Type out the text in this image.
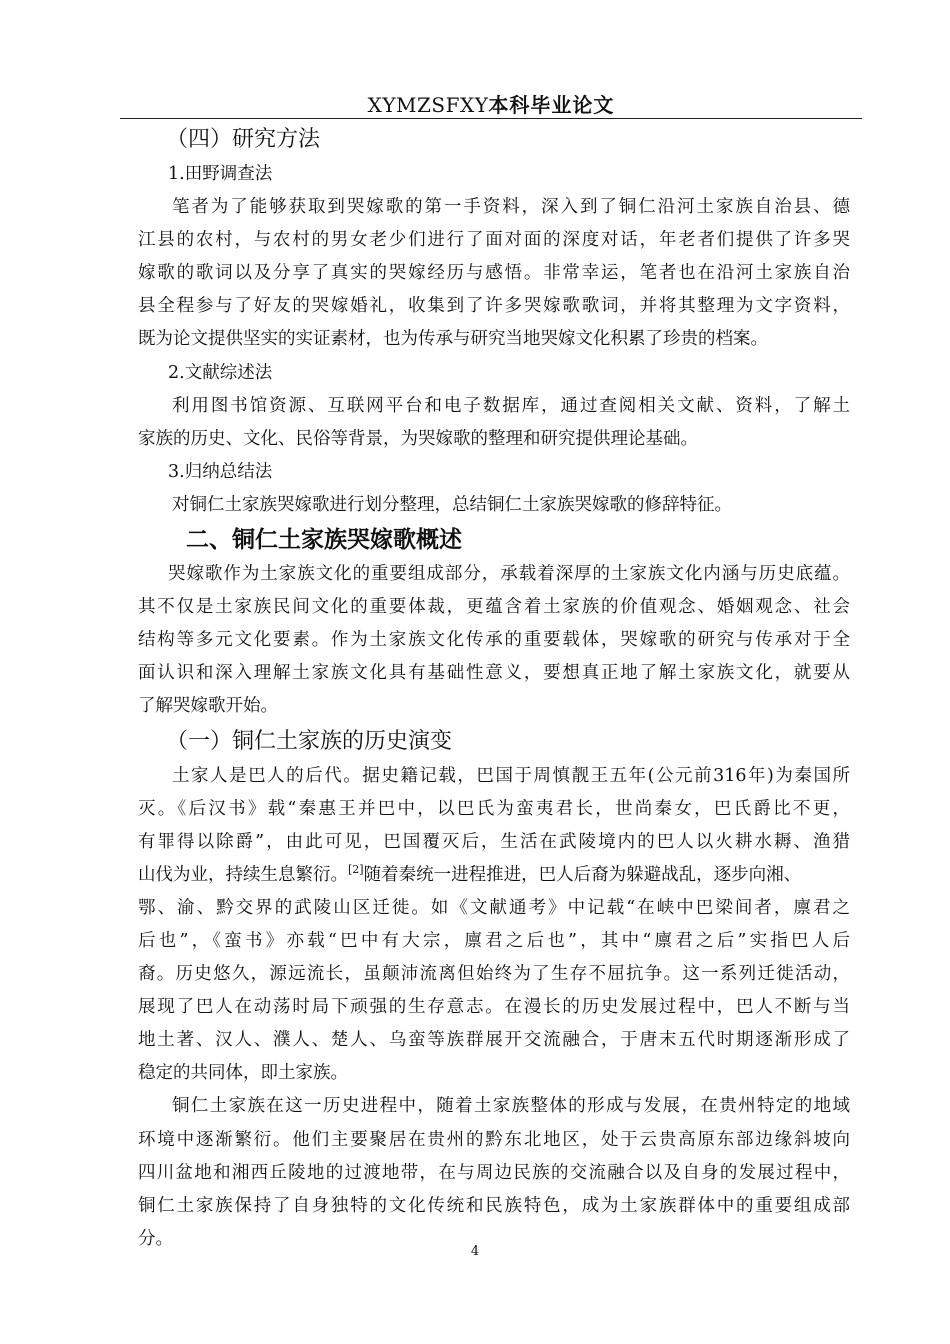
XYMZSFXY本科毕业论文
（四）研究方法
1.田野调查法
笔者为了能够获取到哭嫁歌的第一手资料，深入到了铜仁沿河土家族自治县、德
江县的农村，与农村的男女老少们进行了面对面的深度对话，年老者们提供了许多哭
嫁歌的歌词以及分享了真实的哭嫁经历与感悟。非常幸运，笔者也在沿河土家族自治
县全程参与了好友的哭嫁婚礼，收集到了许多哭嫁歌歌词，并将其整理为文字资料，
既为论文提供坚实的实证素材，也为传承与研究当地哭嫁文化积累了珍贵的档案。
2.文献综述法
利用图书馆资源、互联网平台和电子数据库，通过查阅相关文献、资料，了解土
家族的历史、文化、民俗等背景，为哭嫁歌的整理和研究提供理论基础。
3.归纳总结法
对铜仁土家族哭嫁歌进行划分整理，总结铜仁土家族哭嫁歌的修辞特征。
二、铜仁土家族哭嫁歌概述
哭嫁歌作为土家族文化的重要组成部分，承载着深厚的土家族文化内涵与历史底蕴。
其不仅是土家族民间文化的重要体裁，更蕴含着土家族的价值观念、婚姻观念、社会
结构等多元文化要素。作为土家族文化传承的重要载体，哭嫁歌的研究与传承对于全
面认识和深入理解土家族文化具有基础性意义，要想真正地了解土家族文化，就要从
了解哭嫁歌开始。
（一）铜仁土家族的历史演变
土家人是巴人的后代。据史籍记载，巴国于周慎靓王五年(公元前316年)为秦国所
灭。《后汉书》载“秦惠王并巴中，以巴氏为蛮夷君长，世尚秦女，巴氏爵比不更，
有罪得以除爵”，由此可见，巴国覆灭后，生活在武陵境内的巴人以火耕水耨、渔猎
山伐为业，持续生息繁衍。[2]随着秦统一进程推进，巴人后裔为躲避战乱，逐步向湘、
鄂、渝、黔交界的武陵山区迁徙。如《文献通考》中记载“在峡中巴梁间者，廪君之
后也”，《蛮书》亦载“巴中有大宗，廪君之后也”，其中“廪君之后”实指巴人后
裔。历史悠久，源远流长，虽颠沛流离但始终为了生存不屈抗争。这一系列迁徙活动，
展现了巴人在动荡时局下顽强的生存意志。在漫长的历史发展过程中，巴人不断与当
地土著、汉人、濮人、楚人、乌蛮等族群展开交流融合，于唐末五代时期逐渐形成了
稳定的共同体，即土家族。
铜仁土家族在这一历史进程中，随着土家族整体的形成与发展，在贵州特定的地域
环境中逐渐繁衍。他们主要聚居在贵州的黔东北地区，处于云贵高原东部边缘斜坡向
四川盆地和湘西丘陵地的过渡地带，在与周边民族的交流融合以及自身的发展过程中，
铜仁土家族保持了自身独特的文化传统和民族特色，成为土家族群体中的重要组成部
分。
4
